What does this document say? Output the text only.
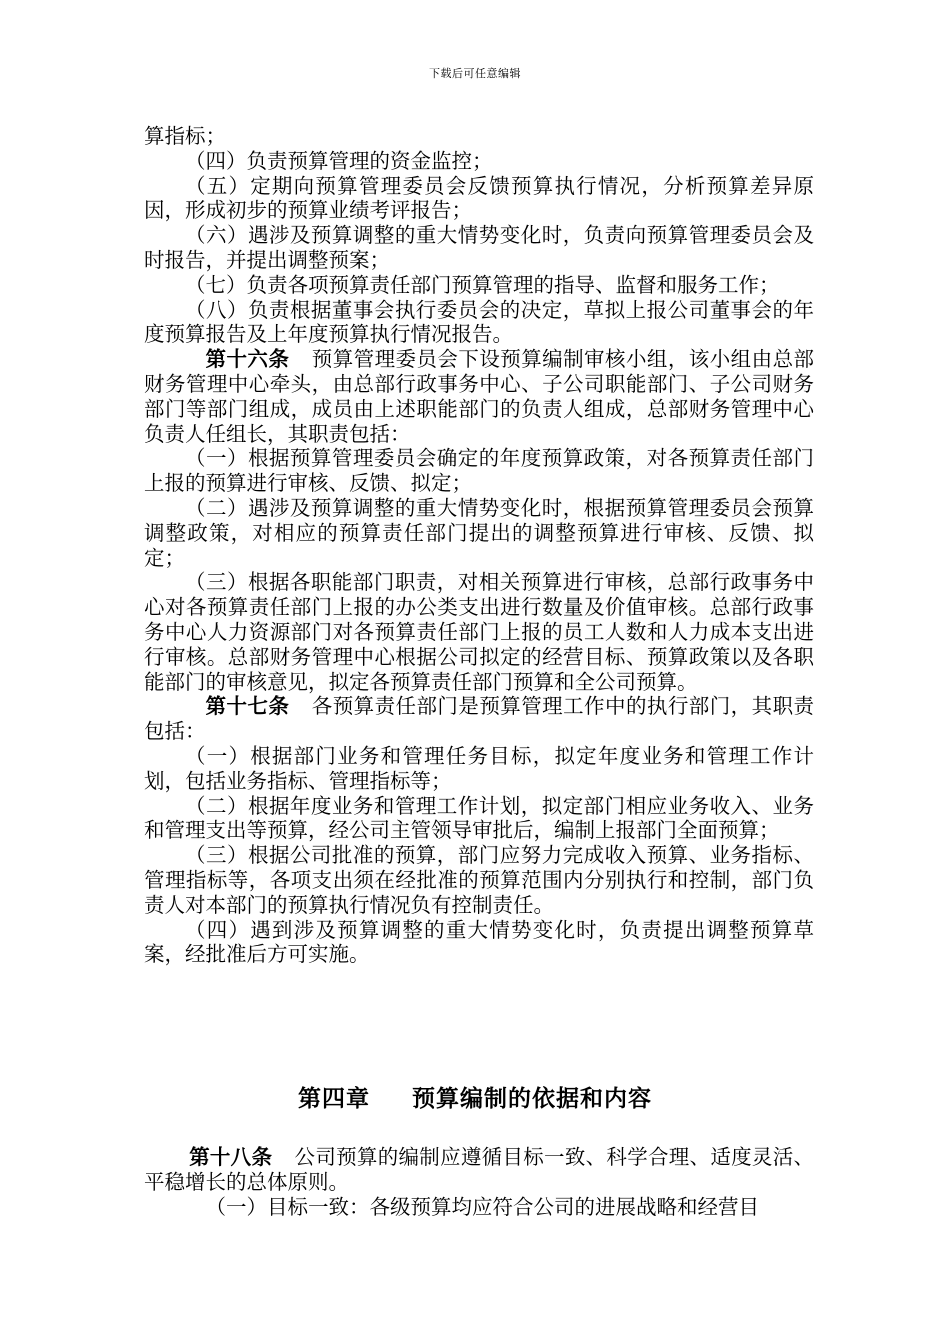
下载后可任意编辑

算指标；

（四）负责预算管理的资金监控；

（五）定期向预算管理委员会反馈预算执行情况，分析预算差异原因，形成初步的预算业绩考评报告；

（六）遇涉及预算调整的重大情势变化时，负责向预算管理委员会及时报告，并提出调整预案；

（七）负责各项预算责任部门预算管理的指导、监督和服务工作；

（八）负责根据董事会执行委员会的决定，草拟上报公司董事会的年度预算报告及上年度预算执行情况报告。

第十六条 预算管理委员会下设预算编制审核小组，该小组由总部财务管理中心牵头，由总部行政事务中心、子公司职能部门、子公司财务部门等部门组成，成员由上述职能部门的负责人组成，总部财务管理中心负责人任组长，其职责包括：

（一）根据预算管理委员会确定的年度预算政策，对各预算责任部门上报的预算进行审核、反馈、拟定；

（二）遇涉及预算调整的重大情势变化时，根据预算管理委员会预算调整政策，对相应的预算责任部门提出的调整预算进行审核、反馈、拟定；

（三）根据各职能部门职责，对相关预算进行审核，总部行政事务中心对各预算责任部门上报的办公类支出进行数量及价值审核。总部行政事务中心人力资源部门对各预算责任部门上报的员工人数和人力成本支出进行审核。总部财务管理中心根据公司拟定的经营目标、预算政策以及各职能部门的审核意见，拟定各预算责任部门预算和全公司预算。

第十七条 各预算责任部门是预算管理工作中的执行部门，其职责包括：

（一）根据部门业务和管理任务目标，拟定年度业务和管理工作计划，包括业务指标、管理指标等；

（二）根据年度业务和管理工作计划，拟定部门相应业务收入、业务和管理支出等预算，经公司主管领导审批后，编制上报部门全面预算；

（三）根据公司批准的预算，部门应努力完成收入预算、业务指标、管理指标等，各项支出须在经批准的预算范围内分别执行和控制，部门负责人对本部门的预算执行情况负有控制责任。

（四）遇到涉及预算调整的重大情势变化时，负责提出调整预算草案，经批准后方可实施。

第四章 预算编制的依据和内容

第十八条 公司预算的编制应遵循目标一致、科学合理、适度灵活、平稳增长的总体原则。

（一）目标一致：各级预算均应符合公司的进展战略和经营目
